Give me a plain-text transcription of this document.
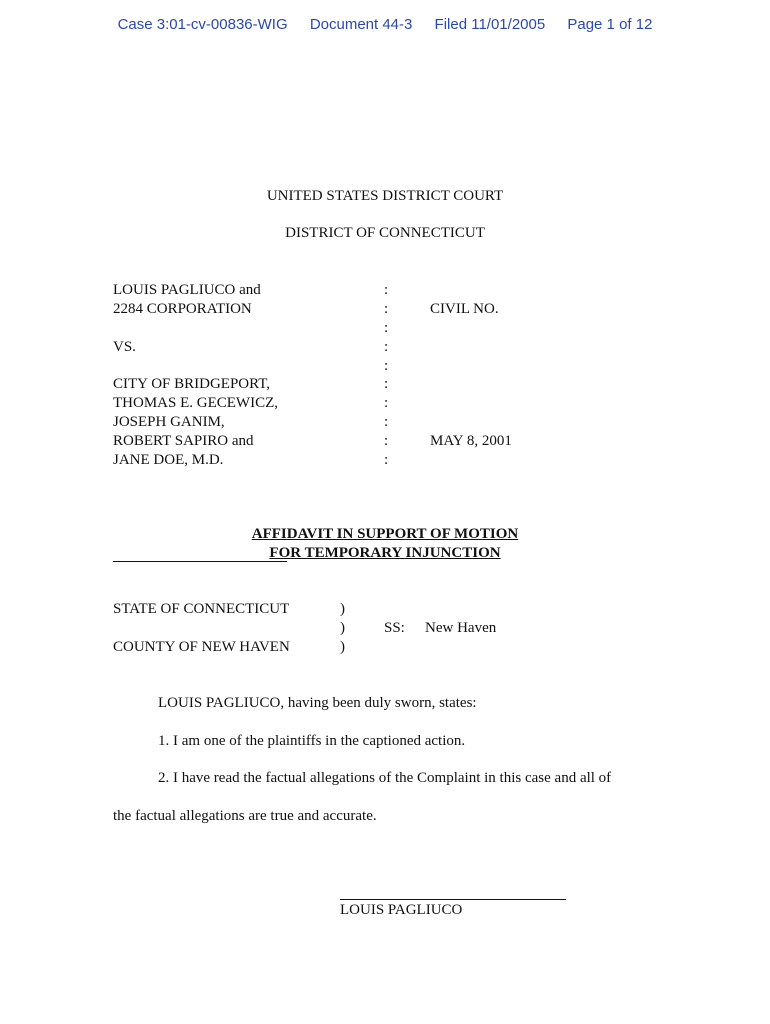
Case 3:01-cv-00836-WIG Document 44-3 Filed 11/01/2005 Page 1 of 12
UNITED STATES DISTRICT COURT
DISTRICT OF CONNECTICUT
LOUIS PAGLIUCO and
2284 CORPORATION
VS.
CITY OF BRIDGEPORT,
THOMAS E. GECEWICZ,
JOSEPH GANIM,
ROBERT SAPIRO and
JANE DOE, M.D.
:
:
:
:
:
:
:
:
:
:
CIVIL NO.
MAY 8, 2001
AFFIDAVIT IN SUPPORT OF MOTION
FOR TEMPORARY INJUNCTION
STATE OF CONNECTICUT
COUNTY OF NEW HAVEN
)
)
)
SS: New Haven
LOUIS PAGLIUCO, having been duly sworn, states:
1. I am one of the plaintiffs in the captioned action.
2. I have read the factual allegations of the Complaint in this case and all of
the factual allegations are true and accurate.
LOUIS PAGLIUCO
